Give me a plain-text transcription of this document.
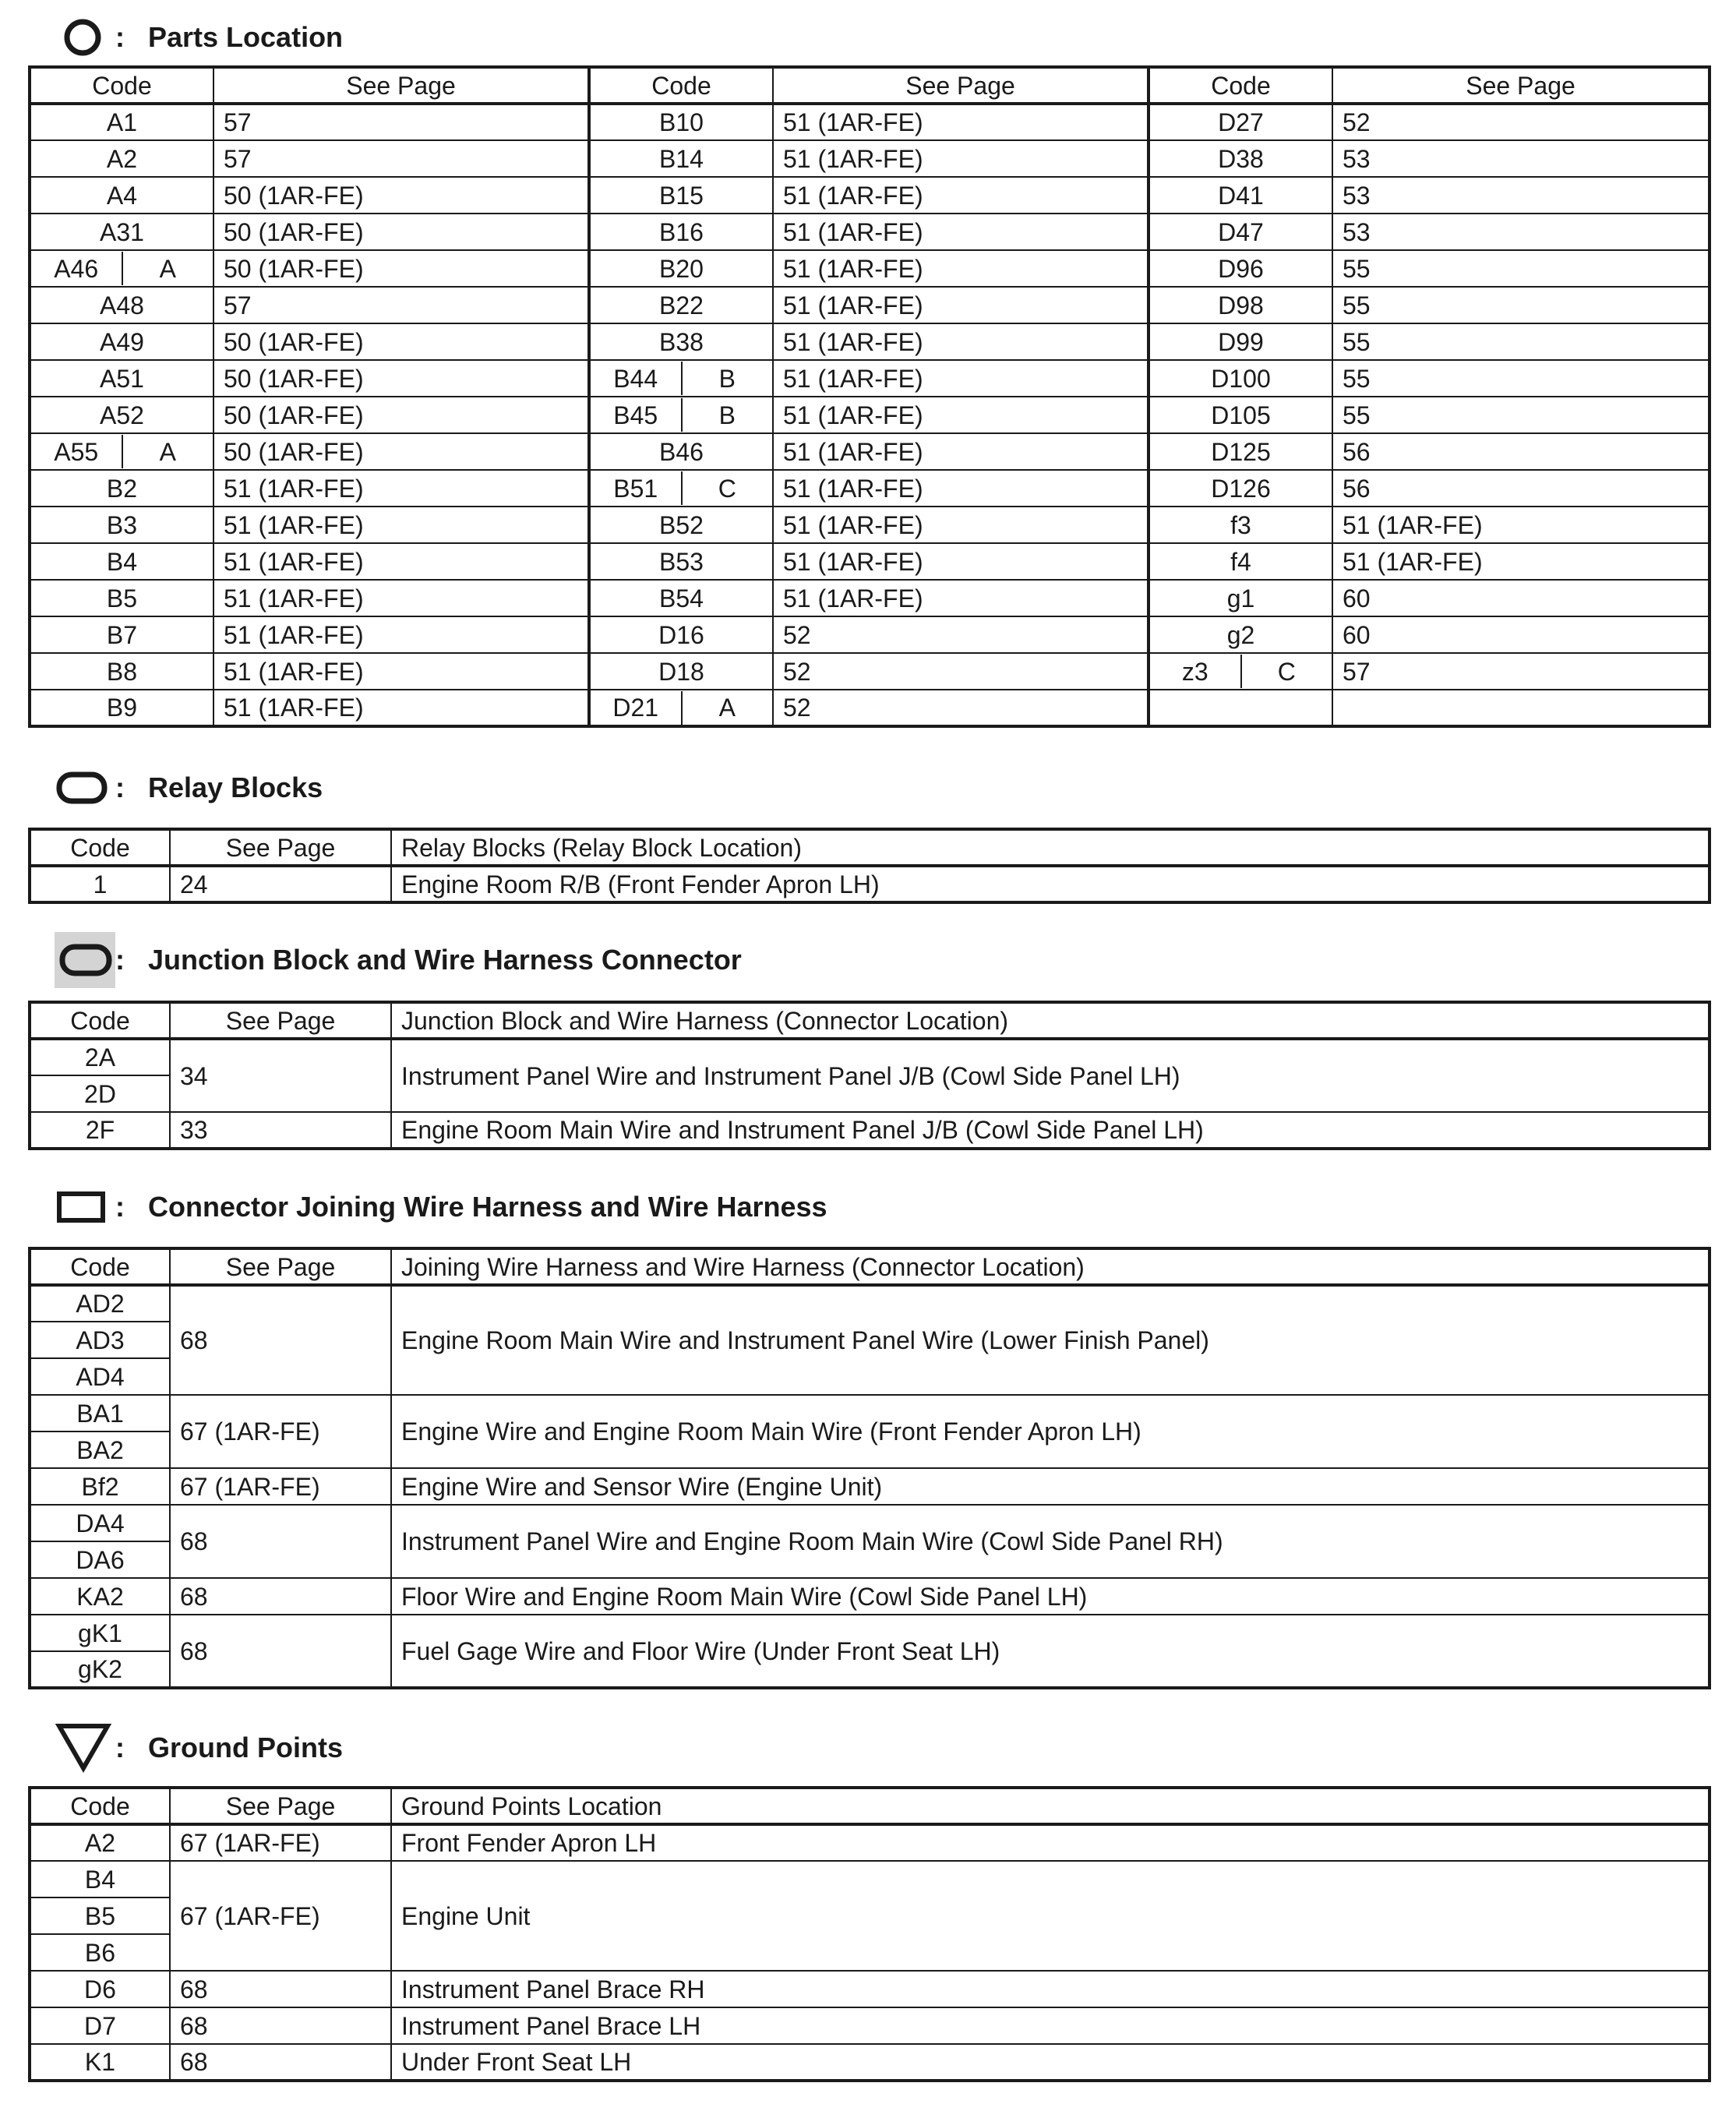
: Parts Location
Code	See Page	Code	See Page	Code	See Page
A1	57	B10	51 (1AR-FE)	D27	52
A2	57	B14	51 (1AR-FE)	D38	53
A4	50 (1AR-FE)	B15	51 (1AR-FE)	D41	53
A31	50 (1AR-FE)	B16	51 (1AR-FE)	D47	53

A46 A	50 (1AR-FE)	B20	51 (1AR-FE)	D96	55
A48	57	B22	51 (1AR-FE)	D98	55
A49	50 (1AR-FE)	B38	51 (1AR-FE)	D99	55
A51	50 (1AR-FE)	B44 B	51 (1AR-FE)	D100	55
A52	50 (1AR-FE)	B45 B	51 (1AR-FE)	D105	55

A55 A	50 (1AR-FE)	B46	51 (1AR-FE)	D125	56
B2	51 (1AR-FE)	B51 C	51 (1AR-FE)	D126	56
B3	51 (1AR-FE)	B52	51 (1AR-FE)	f3	51 (1AR-FE)
B4	51 (1AR-FE)	B53	51 (1AR-FE)	f4	51 (1AR-FE)
B5	51 (1AR-FE)	B54	51 (1AR-FE)	g1	60
B7	51 (1AR-FE)	D16	52	g2	60
B8	51 (1AR-FE)	D18	52	z3 C	57
B9	51 (1AR-FE)	D21 A	52		
: Relay Blocks
Code	See Page	Relay Blocks (Relay Block Location)
1	24	Engine Room R/B (Front Fender Apron LH)
: Junction Block and Wire Harness Connector
Code	See Page	Junction Block and Wire Harness (Connector Location)
2A	34	Instrument Panel Wire and Instrument Panel J/B (Cowl Side Panel LH)
2D		
2F	33	Engine Room Main Wire and Instrument Panel J/B (Cowl Side Panel LH)
: Connector Joining Wire Harness and Wire Harness
Code	See Page	Joining Wire Harness and Wire Harness (Connector Location)
AD2	68	Engine Room Main Wire and Instrument Panel Wire (Lower Finish Panel)
AD3		
AD4		
BA1	67 (1AR-FE)	Engine Wire and Engine Room Main Wire (Front Fender Apron LH)
BA2		
Bf2	67 (1AR-FE)	Engine Wire and Sensor Wire (Engine Unit)
DA4	68	Instrument Panel Wire and Engine Room Main Wire (Cowl Side Panel RH)
DA6		
KA2	68	Floor Wire and Engine Room Main Wire (Cowl Side Panel LH)
gK1	68	Fuel Gage Wire and Floor Wire (Under Front Seat LH)
gK2		
: Ground Points
Code	See Page	Ground Points Location
A2	67 (1AR-FE)	Front Fender Apron LH
B4	67 (1AR-FE)	Engine Unit
B5		
B6		
D6	68	Instrument Panel Brace RH
D7	68	Instrument Panel Brace LH
K1	68	Under Front Seat LH
